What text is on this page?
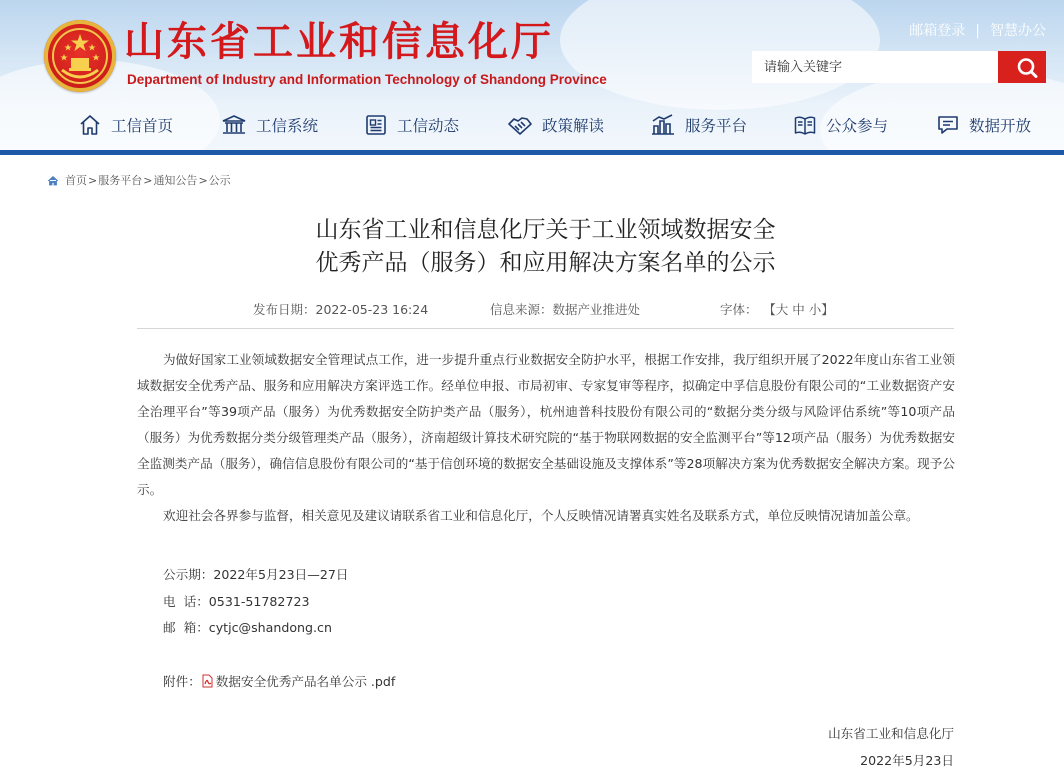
山东省工业和信息化厅
Department of Industry and Information Technology of Shandong Province
邮箱登录 | 智慧办公
请输入关键字
工信首页	工信系统	工信动态	政策解读	服务平台	公众参与	数据开放
首页 > 服务平台 > 通知公告 > 公示
山东省工业和信息化厅关于工业领域数据安全
优秀产品（服务）和应用解决方案名单的公示
发布日期：2022-05-23 16:24	信息来源：数据产业推进处	字体： 【大 中 小】

为做好国家工业领域数据安全管理试点工作，进一步提升重点行业数据安全防护水平，根据工作安排，我厅组织开展了2022年度山东省工业领域数据安全优秀产品、服务和应用解决方案评选工作。经单位申报、市局初审、专家复审等程序，拟确定中孚信息股份有限公司的“工业数据资产安全治理平台”等39项产品（服务）为优秀数据安全防护类产品（服务），杭州迪普科技股份有限公司的“数据分类分级与风险评估系统”等10项产品（服务）为优秀数据分类分级管理类产品（服务），济南超级计算技术研究院的“基于物联网数据的安全监测平台”等12项产品（服务）为优秀数据安全监测类产品（服务），确信信息股份有限公司的“基于信创环境的数据安全基础设施及支撑体系”等28项解决方案为优秀数据安全解决方案。现予公示。

欢迎社会各界参与监督，相关意见及建议请联系省工业和信息化厅，个人反映情况请署真实姓名及联系方式，单位反映情况请加盖公章。

公示期：2022年5月23日—27日
电  话：0531-51782723
邮  箱：cytjc@shandong.cn
附件： 数据安全优秀产品名单公示 .pdf
山东省工业和信息化厅
2022年5月23日
